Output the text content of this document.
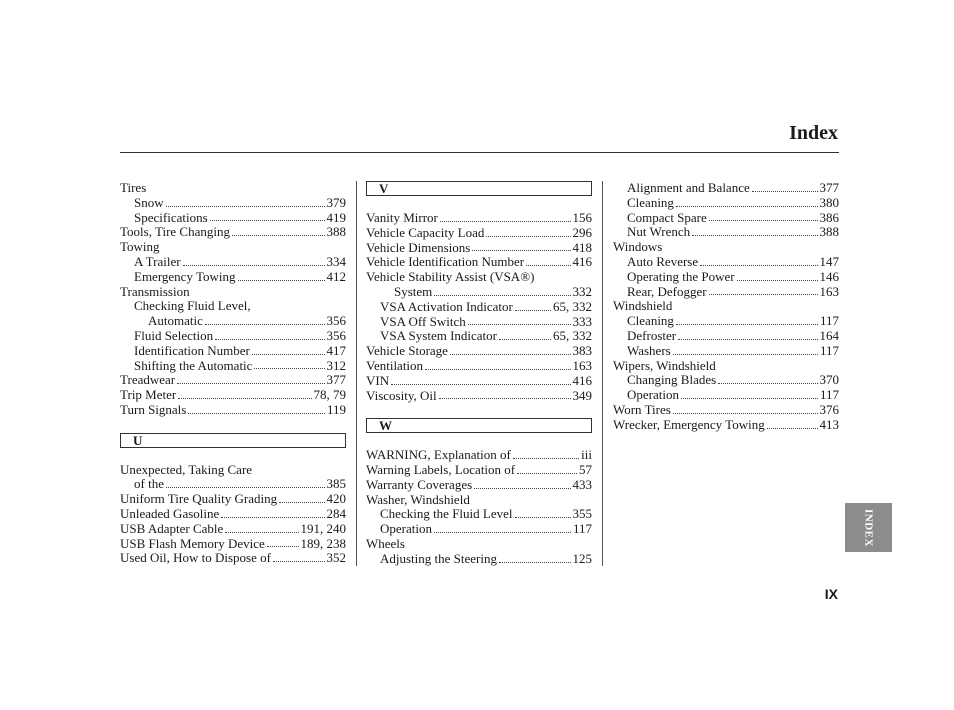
Index
Tires
Snow	379
Specifications	419
Tools, Tire Changing	388
Towing
A Trailer	334
Emergency Towing	412
Transmission
Checking Fluid Level,
Automatic	356
Fluid Selection	356
Identification Number	417
Shifting the Automatic	312
Treadwear	377
Trip Meter	78, 79
Turn Signals	119
U
Unexpected, Taking Care
of the	385
Uniform Tire Quality Grading	420
Unleaded Gasoline	284
USB Adapter Cable	191, 240
USB Flash Memory Device	189, 238
Used Oil, How to Dispose of	352
V
Vanity Mirror	156
Vehicle Capacity Load	296
Vehicle Dimensions	418
Vehicle Identification Number	416
Vehicle Stability Assist (VSA®)
System	332
VSA Activation Indicator	65, 332
VSA Off Switch	333
VSA System Indicator	65, 332
Vehicle Storage	383
Ventilation	163
VIN	416
Viscosity, Oil	349
W
WARNING, Explanation of	iii
Warning Labels, Location of	57
Warranty Coverages	433
Washer, Windshield
Checking the Fluid Level	355
Operation	117
Wheels
Adjusting the Steering	125
Alignment and Balance	377
Cleaning	380
Compact Spare	386
Nut Wrench	388
Windows
Auto Reverse	147
Operating the Power	146
Rear, Defogger	163
Windshield
Cleaning	117
Defroster	164
Washers	117
Wipers, Windshield
Changing Blades	370
Operation	117
Worn Tires	376
Wrecker, Emergency Towing	413
INDEX
IX
